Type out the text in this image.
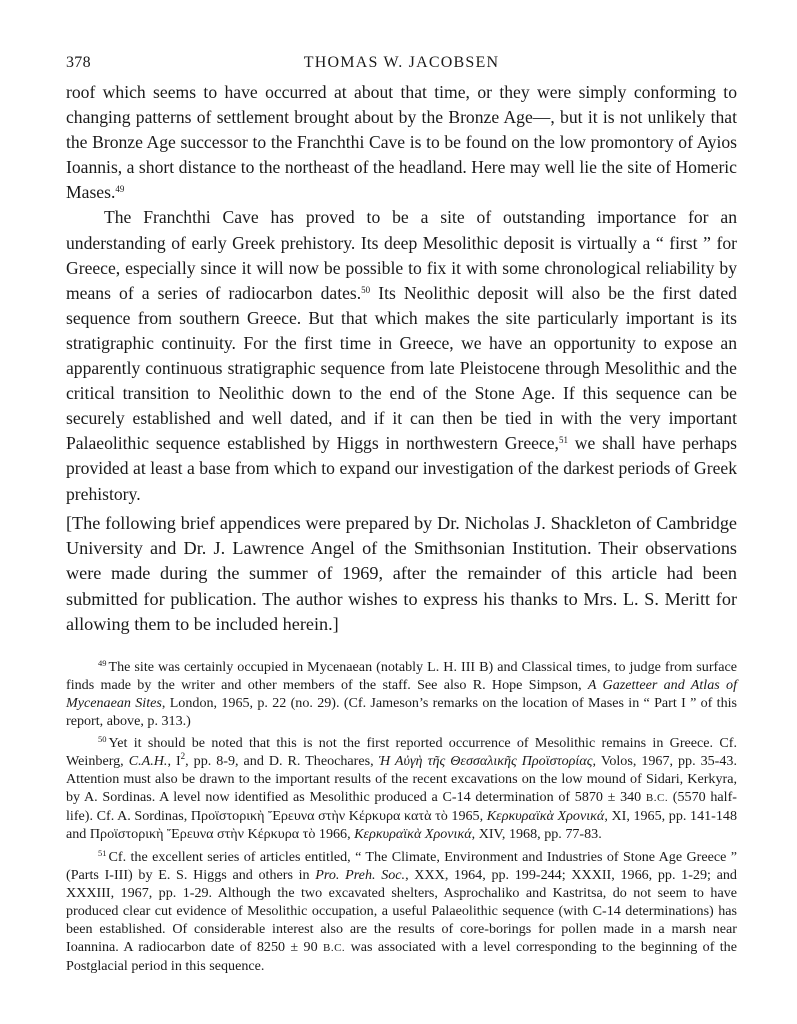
378	THOMAS W. JACOBSEN

roof which seems to have occurred at about that time, or they were simply conforming to changing patterns of settlement brought about by the Bronze Age—, but it is not unlikely that the Bronze Age successor to the Franchthi Cave is to be found on the low promontory of Ayios Ioannis, a short distance to the northeast of the headland. Here may well lie the site of Homeric Mases.$^{49}$

The Franchthi Cave has proved to be a site of outstanding importance for an understanding of early Greek prehistory. Its deep Mesolithic deposit is virtually a “ first ” for Greece, especially since it will now be possible to fix it with some chronological reliability by means of a series of radiocarbon dates.$^{50}$ Its Neolithic deposit will also be the first dated sequence from southern Greece. But that which makes the site particularly important is its stratigraphic continuity. For the first time in Greece, we have an opportunity to expose an apparently continuous stratigraphic sequence from late Pleistocene through Mesolithic and the critical transition to Neolithic down to the end of the Stone Age. If this sequence can be securely established and well dated, and if it can then be tied in with the very important Palaeolithic sequence established by Higgs in northwestern Greece,$^{51}$ we shall have perhaps provided at least a base from which to expand our investigation of the darkest periods of Greek prehistory.

[The following brief appendices were prepared by Dr. Nicholas J. Shackleton of Cambridge University and Dr. J. Lawrence Angel of the Smithsonian Institution. Their observations were made during the summer of 1969, after the remainder of this article had been submitted for publication. The author wishes to express his thanks to Mrs. L. S. Meritt for allowing them to be included herein.]

$^{49}$ The site was certainly occupied in Mycenaean (notably L. H. III B) and Classical times, to judge from surface finds made by the writer and other members of the staff. See also R. Hope Simpson, A Gazetteer and Atlas of Mycenaean Sites, London, 1965, p. 22 (no. 29). (Cf. Jameson’s remarks on the location of Mases in “ Part I ” of this report, above, p. 313.)

$^{50}$ Yet it should be noted that this is not the first reported occurrence of Mesolithic remains in Greece. Cf. Weinberg, C.A.H., $I^2$, pp. 8-9, and D. R. Theochares, Ἡ Αὐγὴ τῆς Θεσσαλικῆς Προϊστορίας, Volos, 1967, pp. 35-43. Attention must also be drawn to the important results of the recent excavations on the low mound of Sidari, Kerkyra, by A. Sordinas. A level now identified as Mesolithic produced a C-14 determination of 5870 ± 340 B.C. (5570 half-life). Cf. A. Sordinas, Προϊστορικὴ Ἔρευνα στὴν Κέρκυρα κατὰ τὸ 1965, Κερκυραϊκὰ Χρονικά, XI, 1965, pp. 141-148 and Προϊστορικὴ Ἔρευνα στὴν Κέρκυρα τὸ 1966, Κερκυραϊκὰ Χρονικά, XIV, 1968, pp. 77-83.

$^{51}$ Cf. the excellent series of articles entitled, “ The Climate, Environment and Industries of Stone Age Greece ” (Parts I-III) by E. S. Higgs and others in Pro. Preh. Soc., XXX, 1964, pp. 199-244; XXXII, 1966, pp. 1-29; and XXXIII, 1967, pp. 1-29. Although the two excavated shelters, Asprochaliko and Kastritsa, do not seem to have produced clear cut evidence of Mesolithic occupation, a useful Palaeolithic sequence (with C-14 determinations) has been established. Of considerable interest also are the results of core-borings for pollen made in a marsh near Ioannina. A radiocarbon date of 8250 ± 90 B.C. was associated with a level corresponding to the beginning of the Postglacial period in this sequence.
